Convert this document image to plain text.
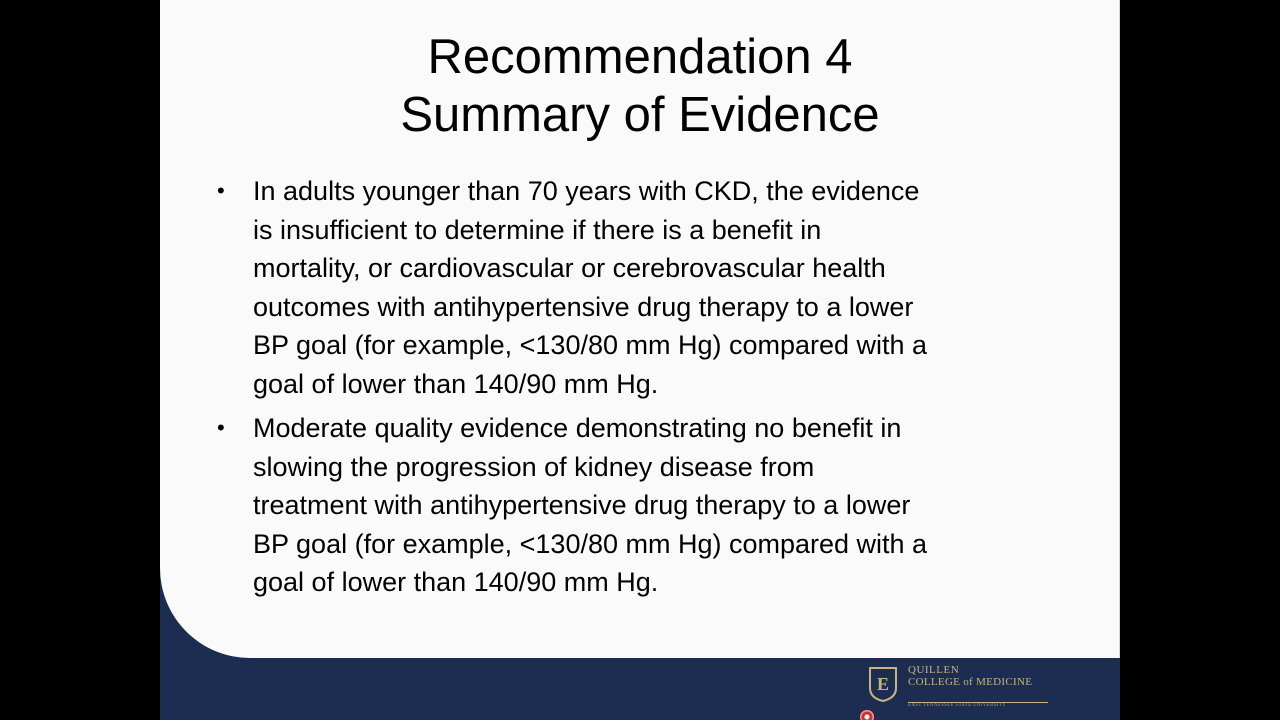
Recommendation 4
Summary of Evidence
• In adults younger than 70 years with CKD, the evidence
is insufficient to determine if there is a benefit in
mortality, or cardiovascular or cerebrovascular health
outcomes with antihypertensive drug therapy to a lower
BP goal (for example, <130/80 mm Hg) compared with a
goal of lower than 140/90 mm Hg.
• Moderate quality evidence demonstrating no benefit in
slowing the progression of kidney disease from
treatment with antihypertensive drug therapy to a lower
BP goal (for example, <130/80 mm Hg) compared with a
goal of lower than 140/90 mm Hg.
E
QUILLEN
COLLEGE of MEDICINE
EAST TENNESSEE STATE UNIVERSITY
